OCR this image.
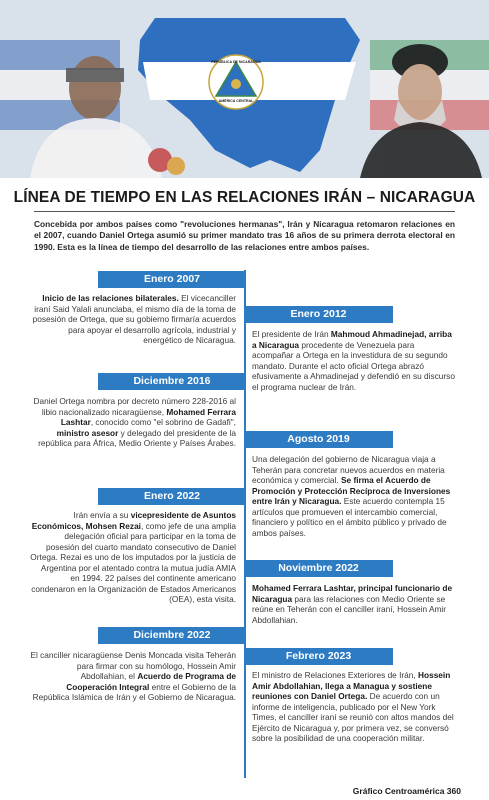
REPÚBLICA DE NICARAGUA
AMÉRICA CENTRAL
LÍNEA DE TIEMPO EN LAS RELACIONES IRÁN – NICARAGUA
Concebida por ambos países como "revoluciones hermanas", Irán y Nicaragua retomaron relaciones en el 2007, cuando Daniel Ortega asumió su primer mandato tras 16 años de su primera derrota electoral en 1990. Esta es la línea de tiempo del desarrollo de las relaciones entre ambos países.
Enero 2007
Inicio de las relaciones bilaterales. El vicecanciller iraní Said Yalali anunciaba, el mismo día de la toma de posesión de Ortega, que su gobierno firmaría acuerdos para apoyar el desarrollo agrícola, industrial y energético de Nicaragua.
Enero 2012
El presidente de Irán Mahmoud Ahmadinejad, arriba a Nicaragua procedente de Venezuela para acompañar a Ortega en la investidura de su segundo mandato. Durante el acto oficial Ortega abrazó efusivamente a Ahmadinejad y defendió en su discurso el programa nuclear de Irán.
Diciembre 2016
Daniel Ortega nombra por decreto número 228-2016 al libio nacionalizado nicaragüense, Mohamed Ferrara Lashtar, conocido como "el sobrino de Gadafi", ministro asesor y delegado del presidente de la república para África, Medio Oriente y Países Árabes.	Agosto 2019
Una delegación del gobierno de Nicaragua viaja a Teherán para concretar nuevos acuerdos en materia económica y comercial. Se firma el Acuerdo de Promoción y Protección Recíproca de Inversiones entre Irán y Nicaragua. Este acuerdo contempla 15 artículos que promueven el intercambio comercial, financiero y político en el ámbito público y privado de ambos países.
Enero 2022
Irán envía a su vicepresidente de Asuntos Económicos, Mohsen Rezai, como jefe de una amplia delegación oficial para participar en la toma de posesión del cuarto mandato consecutivo de Daniel Ortega. Rezai es uno de los imputados por la justicia de Argentina por el atentado contra la mutua judía AMIA en 1994. 22 países del continente americano condenaron en la Organización de Estados Americanos (OEA), esta visita.
Noviembre 2022
Mohamed Ferrara Lashtar, principal funcionario de Nicaragua para las relaciones con Medio Oriente se reúne en Teherán con el canciller iraní, Hossein Amir Abdollahian.
Diciembre 2022
El canciller nicaragüense Denis Moncada visita Teherán para firmar con su homólogo, Hossein Amir Abdollahian, el Acuerdo de Programa de Cooperación Integral entre el Gobierno de la República Islámica de Irán y el Gobierno de Nicaragua.
Febrero 2023
El ministro de Relaciones Exteriores de Irán, Hossein Amir Abdollahian, llega a Managua y sostiene reuniones con Daniel Ortega. De acuerdo con un informe de inteligencia, publicado por el New York Times, el canciller iraní se reunió con altos mandos del Ejército de Nicaragua y, por primera vez, se conversó sobre la posibilidad de una cooperación militar.
Gráfico Centroamérica 360
